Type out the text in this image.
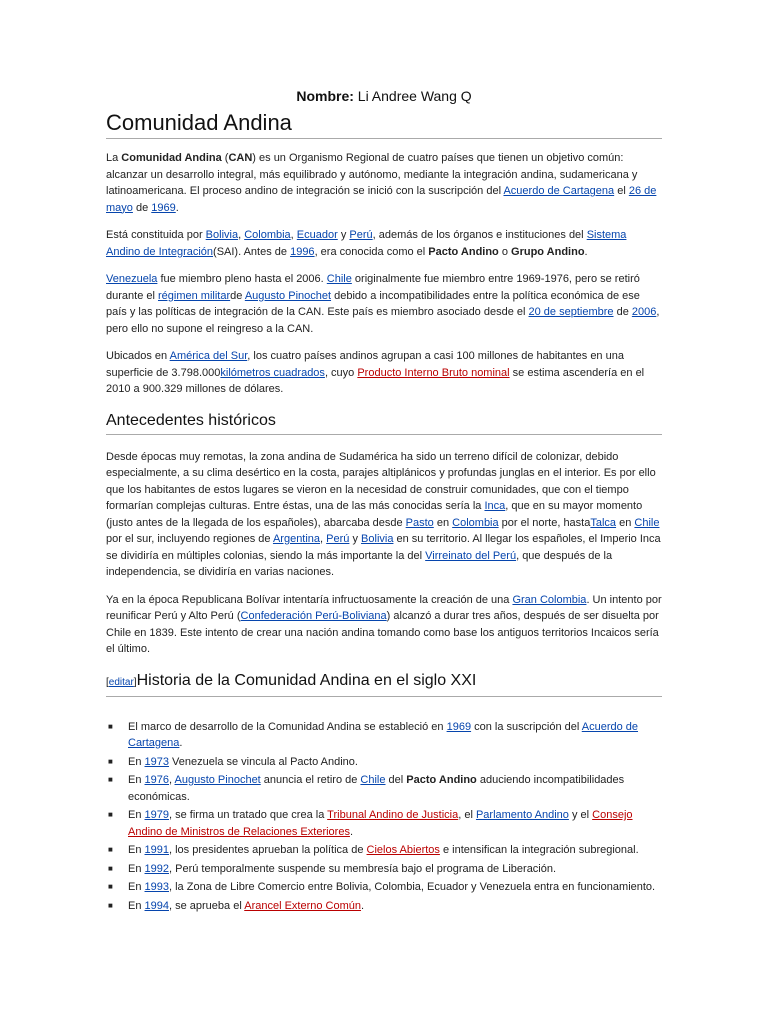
Nombre: Li Andree Wang Q
Comunidad Andina

La Comunidad Andina (CAN) es un Organismo Regional de cuatro países que tienen un objetivo común: alcanzar un desarrollo integral, más equilibrado y autónomo, mediante la integración andina, sudamericana y latinoamericana. El proceso andino de integración se inició con la suscripción del Acuerdo de Cartagena el 26 de mayo de 1969.

Está constituida por Bolivia, Colombia, Ecuador y Perú, además de los órganos e instituciones del Sistema Andino de Integración(SAI). Antes de 1996, era conocida como el Pacto Andino o Grupo Andino.

Venezuela fue miembro pleno hasta el 2006. Chile originalmente fue miembro entre 1969-1976, pero se retiró durante el régimen militarde Augusto Pinochet debido a incompatibilidades entre la política económica de ese país y las políticas de integración de la CAN. Este país es miembro asociado desde el 20 de septiembre de 2006, pero ello no supone el reingreso a la CAN.

Ubicados en América del Sur, los cuatro países andinos agrupan a casi 100 millones de habitantes en una superficie de 3.798.000kilómetros cuadrados, cuyo Producto Interno Bruto nominal se estima ascendería en el 2010 a 900.329 millones de dólares.

Antecedentes históricos

Desde épocas muy remotas, la zona andina de Sudamérica ha sido un terreno difícil de colonizar, debido especialmente, a su clima desértico en la costa, parajes altiplánicos y profundas junglas en el interior. Es por ello que los habitantes de estos lugares se vieron en la necesidad de construir comunidades, que con el tiempo formarían complejas culturas. Entre éstas, una de las más conocidas sería la Inca, que en su mayor momento (justo antes de la llegada de los españoles), abarcaba desde Pasto en Colombia por el norte, hastaTalca en Chile por el sur, incluyendo regiones de Argentina, Perú y Bolivia en su territorio. Al llegar los españoles, el Imperio Inca se dividiría en múltiples colonias, siendo la más importante la del Virreinato del Perú, que después de la independencia, se dividiría en varias naciones.

Ya en la época Republicana Bolívar intentaría infructuosamente la creación de una Gran Colombia. Un intento por reunificar Perú y Alto Perú (Confederación Perú-Boliviana) alcanzó a durar tres años, después de ser disuelta por Chile en 1839. Este intento de crear una nación andina tomando como base los antiguos territorios Incaicos sería el último.

[editar]Historia de la Comunidad Andina en el siglo XXI
■ El marco de desarrollo de la Comunidad Andina se estableció en 1969 con la suscripción del Acuerdo de Cartagena.
■ En 1973 Venezuela se vincula al Pacto Andino.
■ En 1976, Augusto Pinochet anuncia el retiro de Chile del Pacto Andino aduciendo incompatibilidades económicas.
■ En 1979, se firma un tratado que crea la Tribunal Andino de Justicia, el Parlamento Andino y el Consejo Andino de Ministros de Relaciones Exteriores.
■ En 1991, los presidentes aprueban la política de Cielos Abiertos e intensifican la integración subregional.
■ En 1992, Perú temporalmente suspende su membresía bajo el programa de Liberación.
■ En 1993, la Zona de Libre Comercio entre Bolivia, Colombia, Ecuador y Venezuela entra en funcionamiento.
■ En 1994, se aprueba el Arancel Externo Común.
